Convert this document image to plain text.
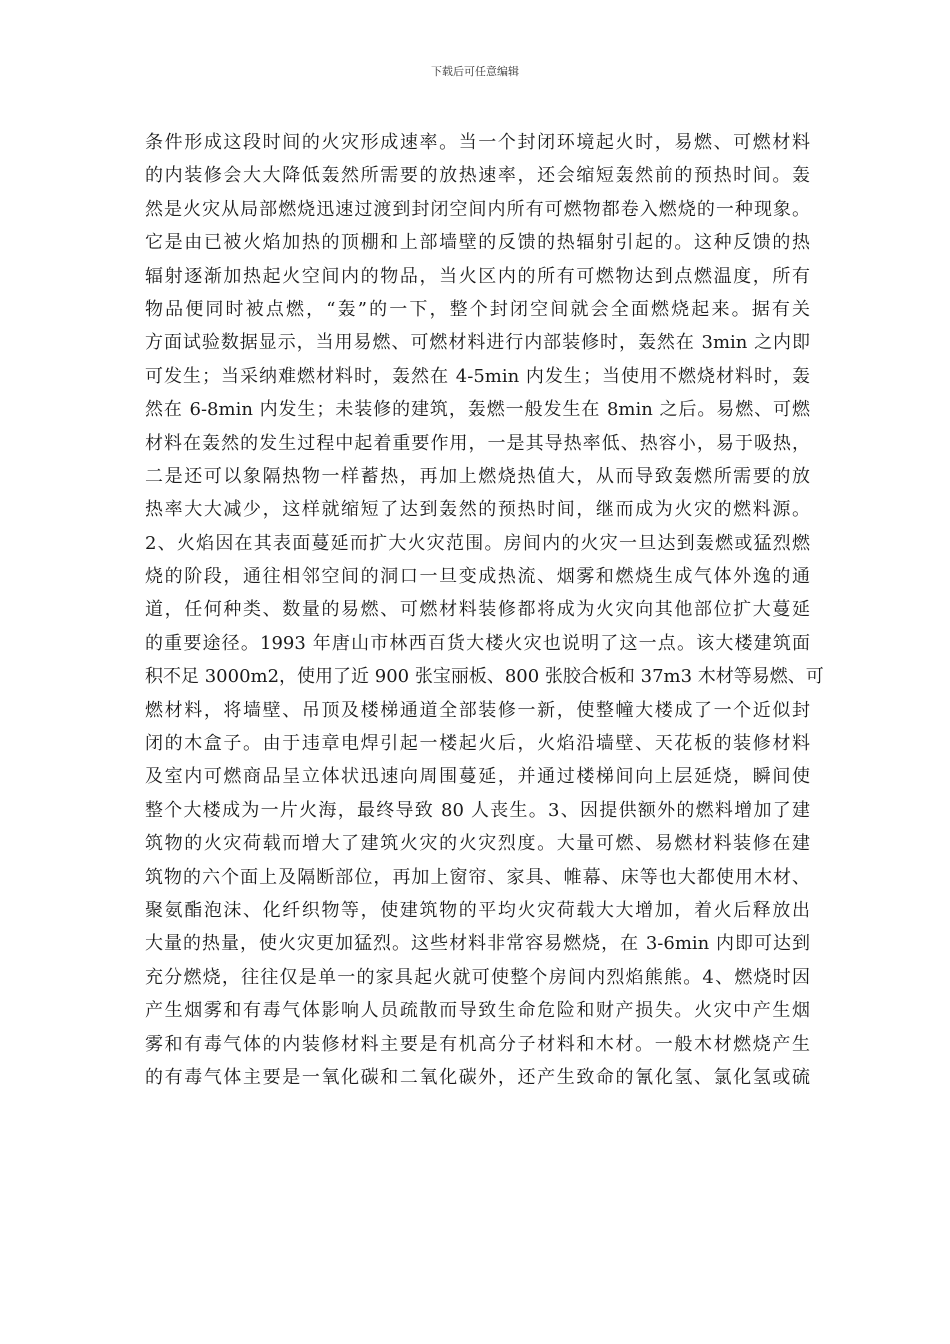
下载后可任意编辑
条件形成这段时间的火灾形成速率。当一个封闭环境起火时，易燃、可燃材料
的内装修会大大降低轰然所需要的放热速率，还会缩短轰然前的预热时间。轰
然是火灾从局部燃烧迅速过渡到封闭空间内所有可燃物都卷入燃烧的一种现象。
它是由已被火焰加热的顶棚和上部墙壁的反馈的热辐射引起的。这种反馈的热
辐射逐渐加热起火空间内的物品，当火区内的所有可燃物达到点燃温度，所有
物品便同时被点燃，“轰”的一下，整个封闭空间就会全面燃烧起来。据有关
方面试验数据显示，当用易燃、可燃材料进行内部装修时，轰然在 3min 之内即
可发生；当采纳难燃材料时，轰然在 4-5min 内发生；当使用不燃烧材料时，轰
然在 6-8min 内发生；未装修的建筑，轰燃一般发生在 8min 之后。易燃、可燃
材料在轰然的发生过程中起着重要作用，一是其导热率低、热容小，易于吸热，
二是还可以象隔热物一样蓄热，再加上燃烧热值大，从而导致轰燃所需要的放
热率大大减少，这样就缩短了达到轰然的预热时间，继而成为火灾的燃料源。
2、火焰因在其表面蔓延而扩大火灾范围。房间内的火灾一旦达到轰燃或猛烈燃
烧的阶段，通往相邻空间的洞口一旦变成热流、烟雾和燃烧生成气体外逸的通
道，任何种类、数量的易燃、可燃材料装修都将成为火灾向其他部位扩大蔓延
的重要途径。1993 年唐山市林西百货大楼火灾也说明了这一点。该大楼建筑面
积不足 3000m2，使用了近 900 张宝丽板、800 张胶合板和 37m3 木材等易燃、可
燃材料，将墙壁、吊顶及楼梯通道全部装修一新，使整幢大楼成了一个近似封
闭的木盒子。由于违章电焊引起一楼起火后，火焰沿墙壁、天花板的装修材料
及室内可燃商品呈立体状迅速向周围蔓延，并通过楼梯间向上层延烧，瞬间使
整个大楼成为一片火海，最终导致 80 人丧生。3、因提供额外的燃料增加了建
筑物的火灾荷载而增大了建筑火灾的火灾烈度。大量可燃、易燃材料装修在建
筑物的六个面上及隔断部位，再加上窗帘、家具、帷幕、床等也大都使用木材、
聚氨酯泡沫、化纤织物等，使建筑物的平均火灾荷载大大增加，着火后释放出
大量的热量，使火灾更加猛烈。这些材料非常容易燃烧，在 3-6min 内即可达到
充分燃烧，往往仅是单一的家具起火就可使整个房间内烈焰熊熊。4、燃烧时因
产生烟雾和有毒气体影响人员疏散而导致生命危险和财产损失。火灾中产生烟
雾和有毒气体的内装修材料主要是有机高分子材料和木材。一般木材燃烧产生
的有毒气体主要是一氧化碳和二氧化碳外，还产生致命的氰化氢、氯化氢或硫
